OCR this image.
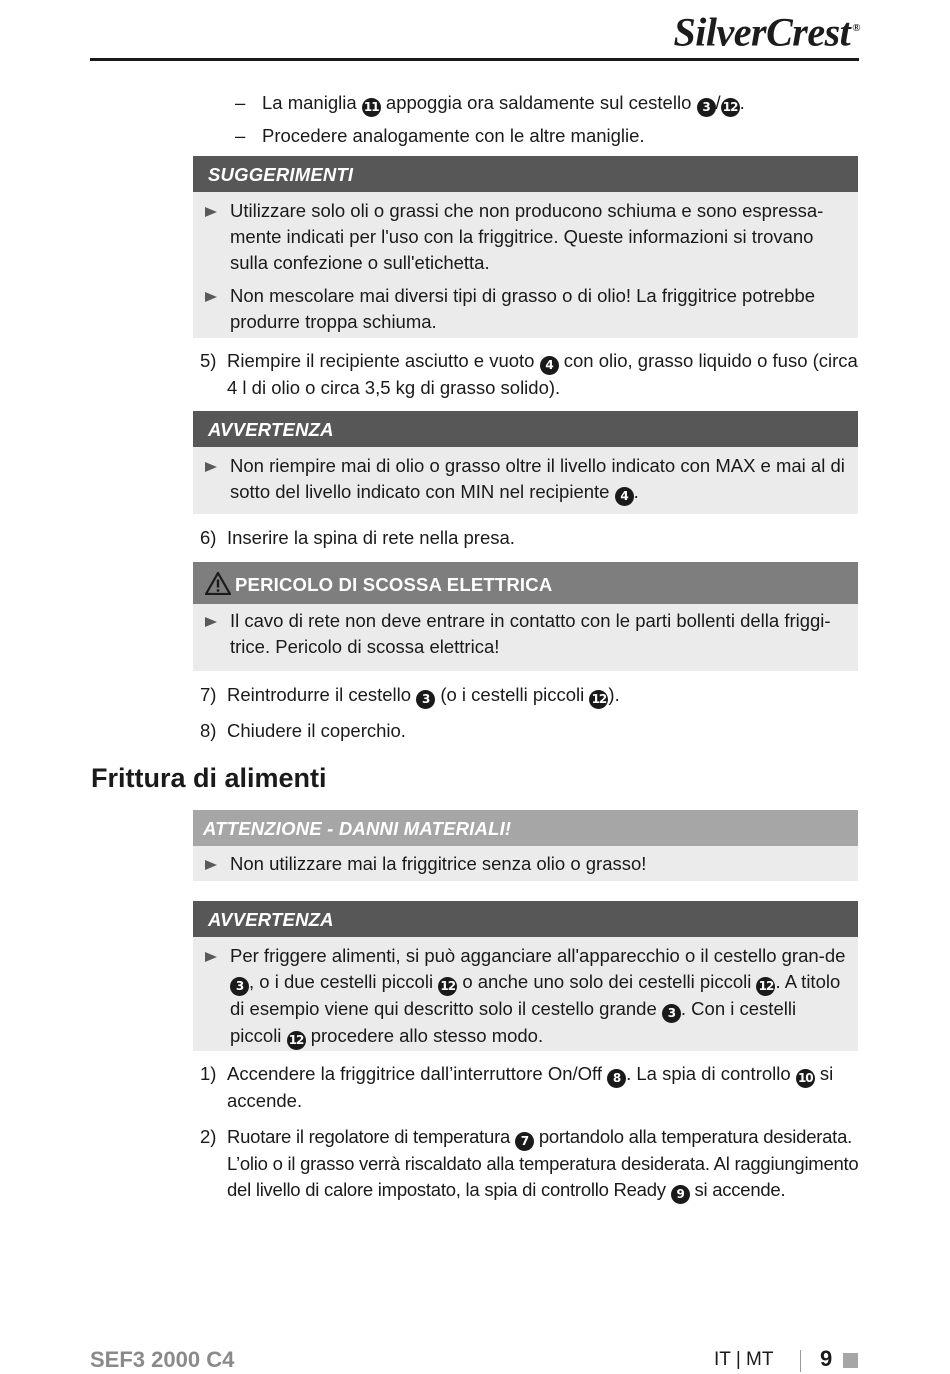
SilverCrest ®
– La maniglia 11 appoggia ora saldamente sul cestello 3 / 12 .
– Procedere analogamente con le altre maniglie.
SUGGERIMENTI
Utilizzare solo oli o grassi che non producono schiuma e sono espressa-mente indicati per l'uso con la friggitrice. Queste informazioni si trovano sulla confezione o sull'etichetta.
Non mescolare mai diversi tipi di grasso o di olio! La friggitrice potrebbe produrre troppa schiuma.
5) Riempire il recipiente asciutto e vuoto 4 con olio, grasso liquido o fuso (circa 4 l di olio o circa 3,5 kg di grasso solido).
AVVERTENZA
Non riempire mai di olio o grasso oltre il livello indicato con MAX e mai al di sotto del livello indicato con MIN nel recipiente 4 .
6) Inserire la spina di rete nella presa.
PERICOLO DI SCOSSA ELETTRICA
Il cavo di rete non deve entrare in contatto con le parti bollenti della friggi-trice. Pericolo di scossa elettrica!
7) Reintrodurre il cestello 3 (o i cestelli piccoli 12 ).
8) Chiudere il coperchio.
Frittura di alimenti
ATTENZIONE - DANNI MATERIALI!
Non utilizzare mai la friggitrice senza olio o grasso!
AVVERTENZA
Per friggere alimenti, si può agganciare all'apparecchio o il cestello gran-de 3 , o i due cestelli piccoli 12 o anche uno solo dei cestelli piccoli 12 . A titolo di esempio viene qui descritto solo il cestello grande 3 . Con i cestelli piccoli 12 procedere allo stesso modo.
1) Accendere la friggitrice dall’interruttore On/Off 8 . La spia di controllo 10 si accende.
2) Ruotare il regolatore di temperatura 7 portandolo alla temperatura desiderata. L’olio o il grasso verrà riscaldato alla temperatura desiderata. Al raggiungimento del livello di calore impostato, la spia di controllo Ready 9 si accende.
SEF3 2000 C4	IT | MT 9
